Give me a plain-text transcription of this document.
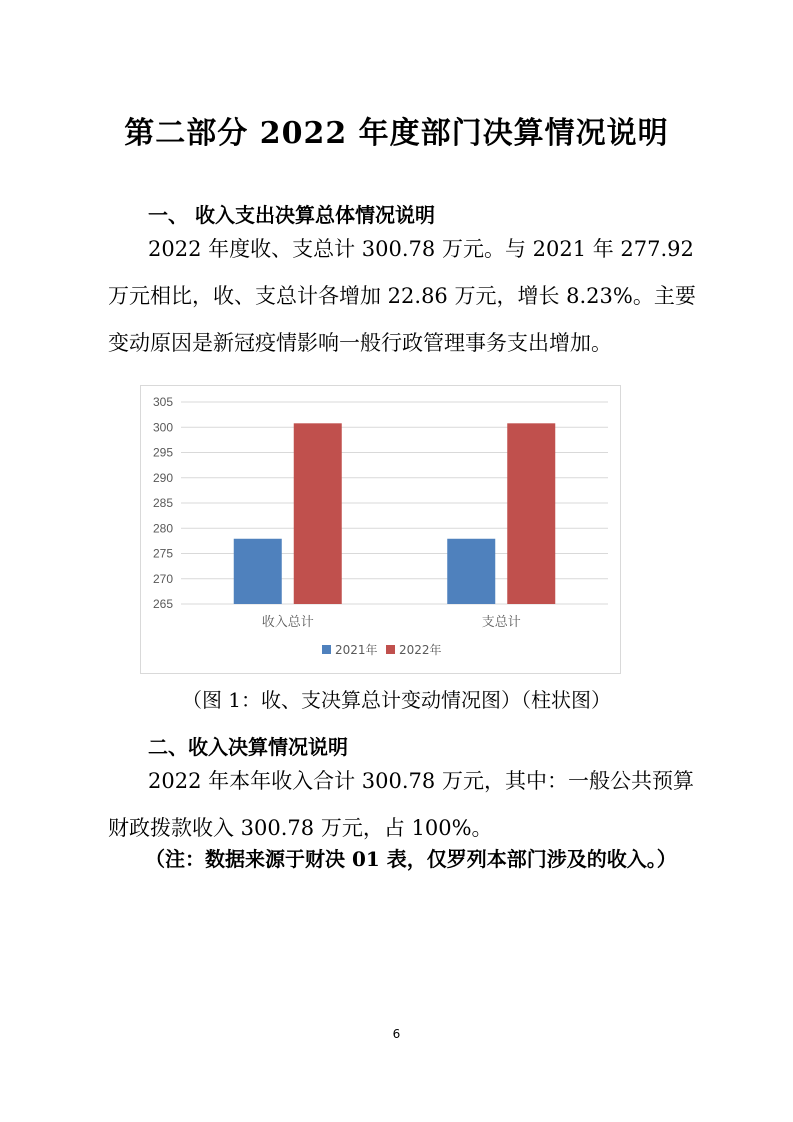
第二部分 2022 年度部门决算情况说明
一、 收入支出决算总体情况说明
2022 年度收、支总计 300.78 万元。与 2021 年 277.92 万元相比，收、支总计各增加 22.86 万元，增长 8.23%。主要变动原因是新冠疫情影响一般行政管理事务支出增加。
265
270
275
280
285
290
295
300
305
收入总计	支总计
2021年 2022年
（图 1：收、支决算总计变动情况图）（柱状图）
二、收入决算情况说明
2022 年本年收入合计 300.78 万元，其中：一般公共预算财政拨款收入 300.78 万元，占 100%。
（注：数据来源于财决 01 表，仅罗列本部门涉及的收入。）
6
